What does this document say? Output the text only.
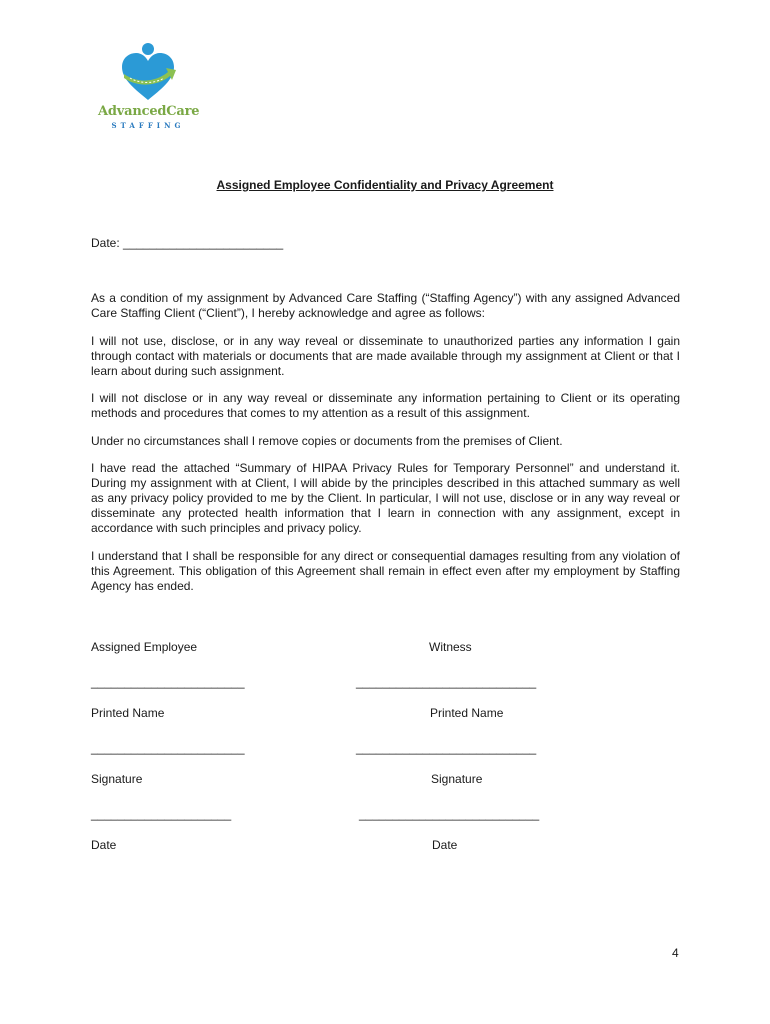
AdvancedCare
STAFFING
Assigned Employee Confidentiality and Privacy Agreement
Date: ________________________

As a condition of my assignment by Advanced Care Staffing (“Staffing Agency”) with any assigned Advanced Care Staffing Client (“Client”), I hereby acknowledge and agree as follows:

I will not use, disclose, or in any way reveal or disseminate to unauthorized parties any information I gain through contact with materials or documents that are made available through my assignment at Client or that I learn about during such assignment.

I will not disclose or in any way reveal or disseminate any information pertaining to Client or its operating methods and procedures that comes to my attention as a result of this assignment.

Under no circumstances shall I remove copies or documents from the premises of Client.

I have read the attached “Summary of HIPAA Privacy Rules for Temporary Personnel” and understand it. During my assignment with at Client, I will abide by the principles described in this attached summary as well as any privacy policy provided to me by the Client. In particular, I will not use, disclose or in any way reveal or disseminate any protected health information that I learn in connection with any assignment, except in accordance with such principles and privacy policy.

I understand that I shall be responsible for any direct or consequential damages resulting from any violation of this Agreement. This obligation of this Agreement shall remain in effect even after my employment by Staffing Agency has ended.

Assigned Employee	Witness
_______________________	___________________________
Printed Name	Printed Name
_______________________	___________________________
Signature	Signature
_____________________	___________________________
Date	Date
4
